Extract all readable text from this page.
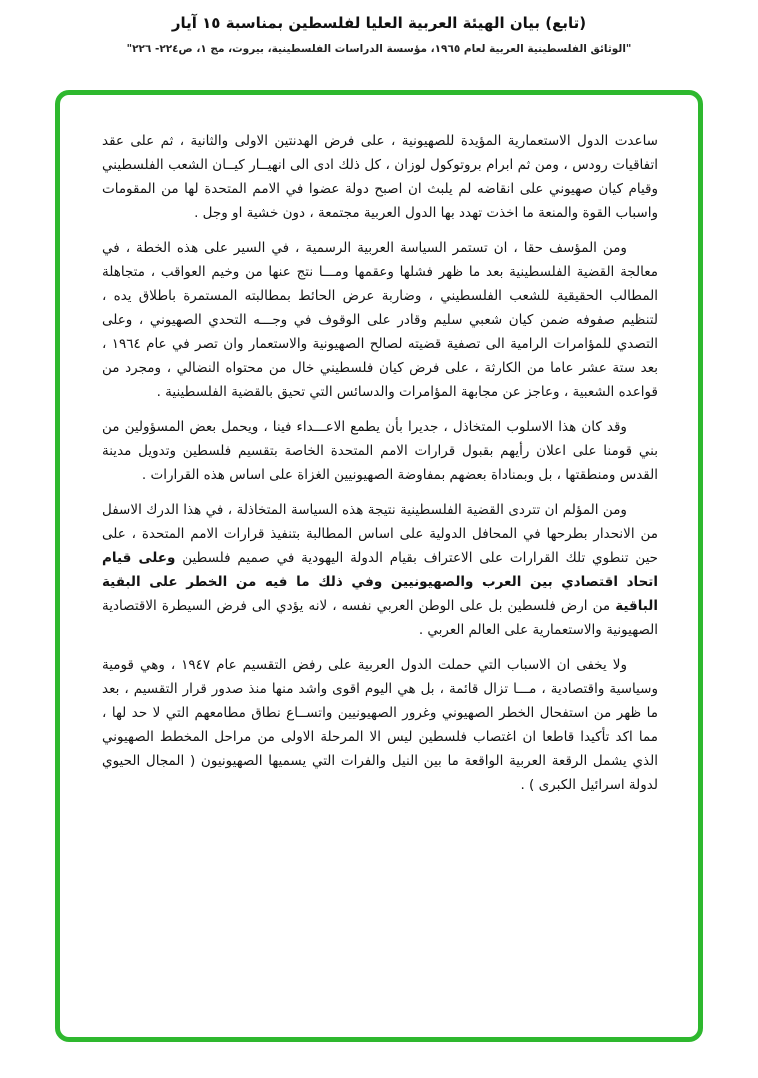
(تابع) بيان الهيئة العربية العليا لفلسطين بمناسبة ١٥ آيار
"الوثائق الفلسطينية العربية لعام ١٩٦٥، مؤسسة الدراسات الفلسطينية، بيروت، مج ١، ص٢٢٤- ٢٢٦"

ساعدت الدول الاستعمارية المؤيدة للصهيونية ، على فرض الهدنتين الاولى والثانية ، ثم على عقد اتفاقيات رودس ، ومن ثم ابرام بروتوكول لوزان ، كل ذلك ادى الى انهيــار كيــان الشعب الفلسطيني وقيام كيان صهيوني على انقاضه لم يلبث ان اصبح دولة عضوا في الامم المتحدة لها من المقومات واسباب القوة والمنعة ما اخذت تهدد بها الدول العربية مجتمعة ، دون خشية او وجل .

ومن المؤسف حقا ، ان تستمر السياسة العربية الرسمية ، في السير على هذه الخطة ، في معالجة القضية الفلسطينية بعد ما ظهر فشلها وعقمها ومـــا نتج عنها من وخيم العواقب ، متجاهلة المطالب الحقيقية للشعب الفلسطيني ، وضاربة عرض الحائط بمطالبته المستمرة باطلاق يده ، لتنظيم صفوفه ضمن كيان شعبي سليم وقادر على الوقوف في وجـــه التحدي الصهيوني ، وعلى التصدي للمؤامرات الرامية الى تصفية قضيته لصالح الصهيونية والاستعمار وان تصر في عام ١٩٦٤ ، بعد ستة عشر عاما من الكارثة ، على فرض كيان فلسطيني خال من محتواه النضالي ، ومجرد من قواعده الشعبية ، وعاجز عن مجابهة المؤامرات والدسائس التي تحيق بالقضية الفلسطينية .

وقد كان هذا الاسلوب المتخاذل ، جديرا بأن يطمع الاعـــداء فينا ، ويحمل بعض المسؤولين من بني قومنا على اعلان رأيهم بقبول قرارات الامم المتحدة الخاصة بتقسيم فلسطين وتدويل مدينة القدس ومنطقتها ، بل وبمناداة بعضهم بمفاوضة الصهيونيين الغزاة على اساس هذه القرارات .

ومن المؤلم ان تتردى القضية الفلسطينية نتيجة هذه السياسة المتخاذلة ، في هذا الدرك الاسفل من الانحدار بطرحها في المحافل الدولية على اساس المطالبة بتنفيذ قرارات الامم المتحدة ، على حين تنطوي تلك القرارات على الاعتراف بقيام الدولة اليهودية في صميم فلسطين وعلى قيام اتحاد اقتصادي بين العرب والصهيونيين وفي ذلك ما فيه من الخطر على البقية الباقية من ارض فلسطين بل على الوطن العربي نفسه ، لانه يؤدي الى فرض السيطرة الاقتصادية الصهيونية والاستعمارية على العالم العربي .

ولا يخفى ان الاسباب التي حملت الدول العربية على رفض التقسيم عام ١٩٤٧ ، وهي قومية وسياسية واقتصادية ، مـــا تزال قائمة ، بل هي اليوم اقوى واشد منها منذ صدور قرار التقسيم ، بعد ما ظهر من استفحال الخطر الصهيوني وغرور الصهيونيين واتســاع نطاق مطامعهم التي لا حد لها ، مما اكد تأكيدا قاطعا ان اغتصاب فلسطين ليس الا المرحلة الاولى من مراحل المخطط الصهيوني الذي يشمل الرقعة العربية الواقعة ما بين النيل والفرات التي يسميها الصهيونيون ( المجال الحيوي لدولة اسرائيل الكبرى ) .
